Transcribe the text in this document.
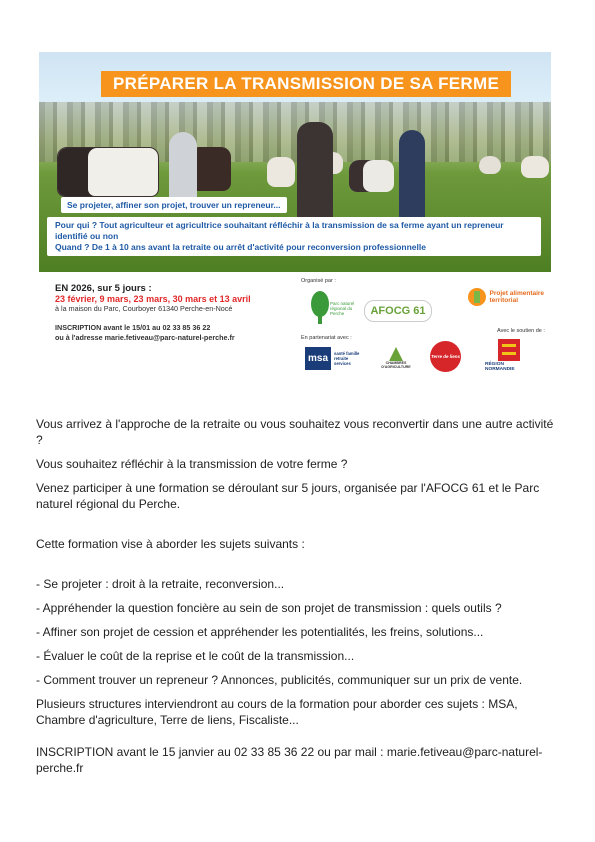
PRÉPARER LA TRANSMISSION DE SA FERME
Se projeter, affiner son projet, trouver un repreneur...
Pour qui ? Tout agriculteur et agricultrice souhaitant réfléchir à la transmission de sa ferme ayant un repreneur identifié ou non
Quand ? De 1 à 10 ans avant la retraite ou arrêt d'activité pour reconversion professionnelle
EN 2026, sur 5 jours :
23 février, 9 mars, 23 mars, 30 mars et 13 avril
à la maison du Parc, Courboyer 61340 Perche-en-Nocé
INSCRIPTION avant le 15/01 au 02 33 85 36 22
ou à l'adresse marie.fetiveau@parc-naturel-perche.fr
Organisé par :
Parc naturel régional du Perche	AFOCG 61
Projet alimentaire territorial
En partenariat avec :
msa	santé famille retraite services	CHAMBRES D'AGRICULTURE
Terre de liens
Avec le soutien de :
RÉGION NORMANDIE
Vous arrivez à l'approche de la retraite ou vous souhaitez vous reconvertir dans une autre activité ?
Vous souhaitez réfléchir à la transmission de votre ferme ?
Venez participer à une formation se déroulant sur 5 jours, organisée par l'AFOCG 61 et le Parc naturel régional du Perche.
Cette formation vise à aborder les sujets suivants :
- Se projeter : droit à la retraite, reconversion...
- Appréhender la question foncière au sein de son projet de transmission : quels outils ?
- Affiner son projet de cession et appréhender les potentialités, les freins, solutions...
- Évaluer le coût de la reprise et le coût de la transmission...
- Comment trouver un repreneur ? Annonces, publicités, communiquer sur un prix de vente.
Plusieurs structures interviendront au cours de la formation pour aborder ces sujets : MSA, Chambre d'agriculture, Terre de liens, Fiscaliste...
INSCRIPTION avant le 15 janvier au 02 33 85 36 22 ou par mail : marie.fetiveau@parc-naturel-perche.fr
